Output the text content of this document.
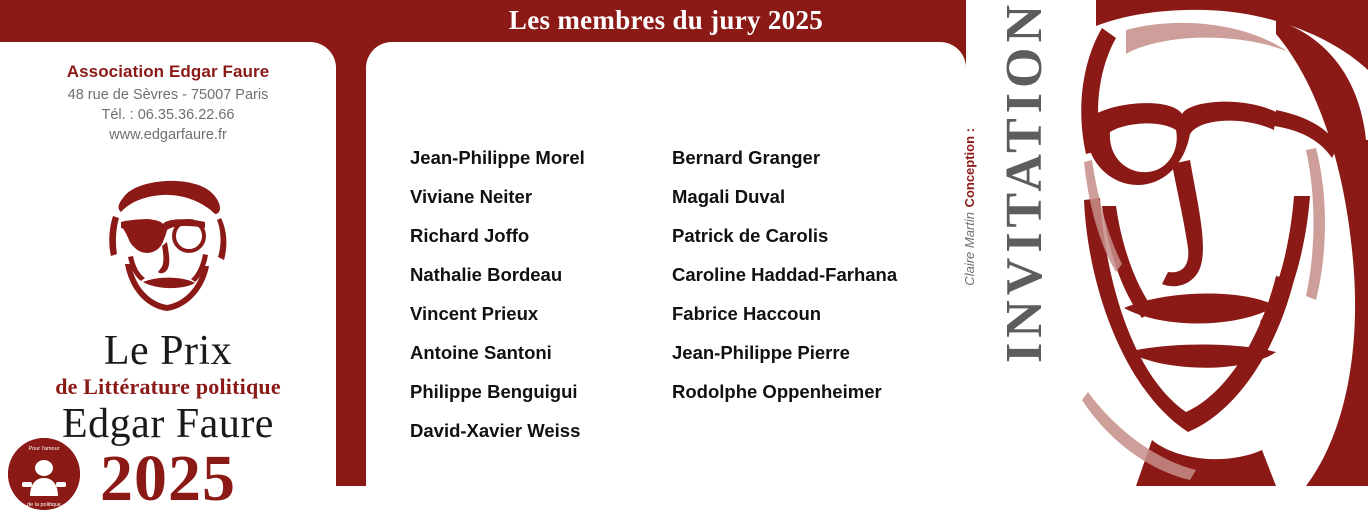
Les membres du jury 2025
Association Edgar Faure
48 rue de Sèvres - 75007 Paris
Tél. : 06.35.36.22.66
www.edgarfaure.fr
Le Prix
de Littérature politique
Edgar Faure
2025
Pour l'amour
de la politique
Jean-Philippe Morel
Viviane Neiter
Richard Joffo
Nathalie Bordeau
Vincent Prieux
Antoine Santoni
Philippe Benguigui
David-Xavier Weiss
Bernard Granger
Magali Duval
Patrick de Carolis
Caroline Haddad-Farhana
Fabrice Haccoun
Jean-Philippe Pierre
Rodolphe Oppenheimer
INVITATION
Conception : Claire Martin
